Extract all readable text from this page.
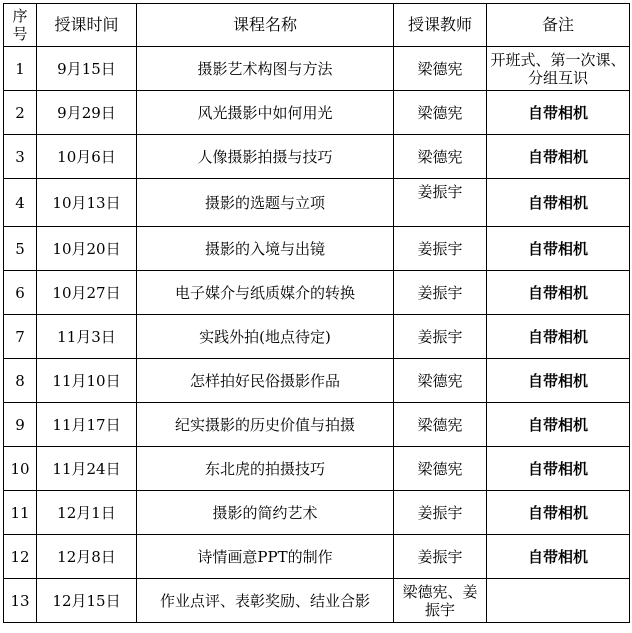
序号	授课时间	课程名称	授课教师	备注
1	9月15日	摄影艺术构图与方法	梁德宪	开班式、第一次课、分组互识
2	9月29日	风光摄影中如何用光	梁德宪	自带相机
3	10月6日	人像摄影拍摄与技巧	梁德宪	自带相机
4	10月13日	摄影的选题与立项	姜振宇	自带相机
5	10月20日	摄影的入境与出镜	姜振宇	自带相机
6	10月27日	电子媒介与纸质媒介的转换	姜振宇	自带相机
7	11月3日	实践外拍(地点待定)	姜振宇	自带相机
8	11月10日	怎样拍好民俗摄影作品	梁德宪	自带相机
9	11月17日	纪实摄影的历史价值与拍摄	梁德宪	自带相机
10	11月24日	东北虎的拍摄技巧	梁德宪	自带相机
11	12月1日	摄影的简约艺术	姜振宇	自带相机
12	12月8日	诗情画意PPT的制作	姜振宇	自带相机
13	12月15日	作业点评、表彰奖励、结业合影	梁德宪、姜振宇	
